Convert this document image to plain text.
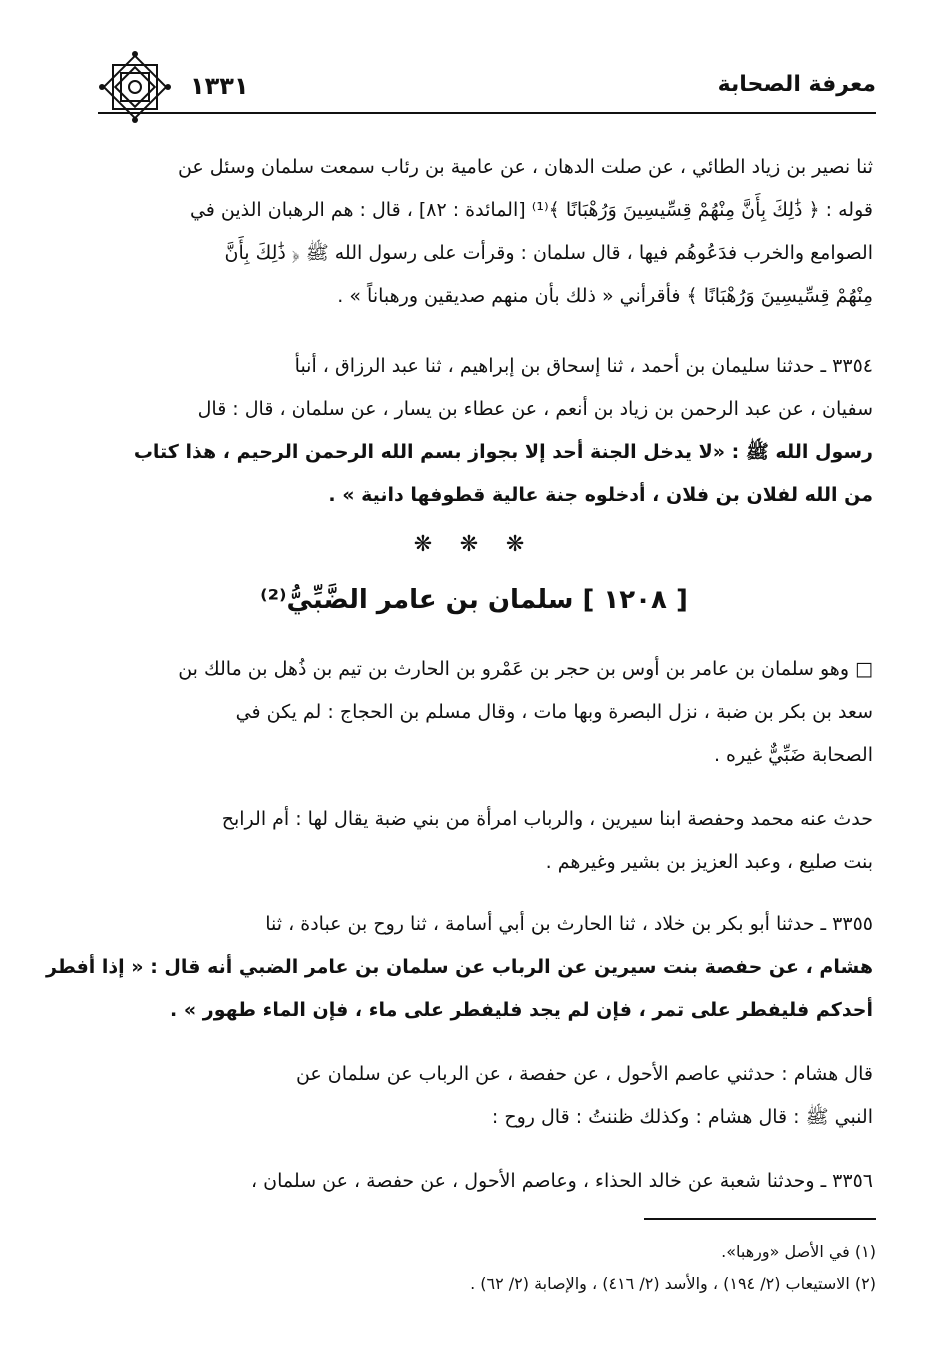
معرفة الصحابة
١٣٣١

ثنا نصير بن زياد الطائي ، عن صلت الدهان ، عن عامية بن رئاب سمعت سلمان وسئل عن

قوله : ﴿ ذَٰلِكَ بِأَنَّ مِنْهُمْ قِسِّيسِينَ وَرُهْبَانًا ﴾⁽¹⁾ [المائدة : ٨٢] ، قال : هم الرهبان الذين في

الصوامع والخرب فدَعُوهُم فيها ، قال سلمان : وقرأت على رسول الله ﷺ ﴿ ذَٰلِكَ بِأَنَّ

مِنْهُمْ قِسِّيسِينَ وَرُهْبَانًا ﴾ فأقرأني « ذلك بأن منهم صديقين ورهباناً » .

٣٣٥٤ ـ حدثنا سليمان بن أحمد ، ثنا إسحاق بن إبراهيم ، ثنا عبد الرزاق ، أنبأ

سفيان ، عن عبد الرحمن بن زياد بن أنعم ، عن عطاء بن يسار ، عن سلمان ، قال : قال

رسول الله ﷺ : «لا يدخل الجنة أحد إلا بجواز بسم الله الرحمن الرحيم ، هذا كتاب

من الله لفلان بن فلان ، أدخلوه جنة عالية قطوفها دانية » .

❋ ❋ ❋
[ ١٢٠٨ ] سلمان بن عامر الضَّبِّيُّ⁽²⁾

□ وهو سلمان بن عامر بن أوس بن حجر بن عَمْرو بن الحارث بن تيم بن ذُهل بن مالك بن

سعد بن بكر بن ضبة ، نزل البصرة وبها مات ، وقال مسلم بن الحجاج : لم يكن في

الصحابة ضَبِّيٌّ غيره .

حدث عنه محمد وحفصة ابنا سيرين ، والرباب امرأة من بني ضبة يقال لها : أم الرابح

بنت صليع ، وعبد العزيز بن بشير وغيرهم .

٣٣٥٥ ـ حدثنا أبو بكر بن خلاد ، ثنا الحارث بن أبي أسامة ، ثنا روح بن عبادة ، ثنا

هشام ، عن حفصة بنت سيرين عن الرباب عن سلمان بن عامر الضبي أنه قال : « إذا أفطر

أحدكم فليفطر على تمر ، فإن لم يجد فليفطر على ماء ، فإن الماء طهور » .

قال هشام : حدثني عاصم الأحول ، عن حفصة ، عن الرباب عن سلمان عن

النبي ﷺ : قال هشام : وكذلك ظننتُ : قال روح :

٣٣٥٦ ـ وحدثنا شعبة عن خالد الحذاء ، وعاصم الأحول ، عن حفصة ، عن سلمان ،

(١) في الأصل «ورهبا».

(٢) الاستيعاب (٢/ ١٩٤) ، والأسد (٢/ ٤١٦) ، والإصابة (٢/ ٦٢) .
